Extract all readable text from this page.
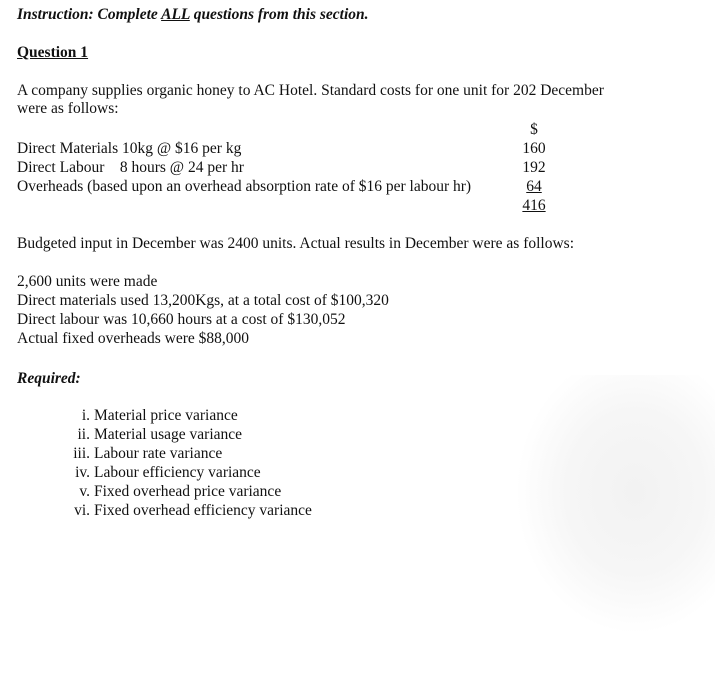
Instruction: Complete ALL questions from this section.
Question 1
A company supplies organic honey to AC Hotel. Standard costs for one unit for 202 December
were as follows:
$
Direct Materials 10kg @ $16 per kg	160
Direct Labour    8 hours @ 24 per hr	192
Overheads (based upon an overhead absorption rate of $16 per labour hr)	64
416
Budgeted input in December was 2400 units. Actual results in December were as follows:
2,600 units were made
Direct materials used 13,200Kgs, at a total cost of $100,320
Direct labour was 10,660 hours at a cost of $130,052
Actual fixed overheads were $88,000
Required:
i. Material price variance
ii. Material usage variance
iii. Labour rate variance
iv. Labour efficiency variance
v. Fixed overhead price variance
vi. Fixed overhead efficiency variance
